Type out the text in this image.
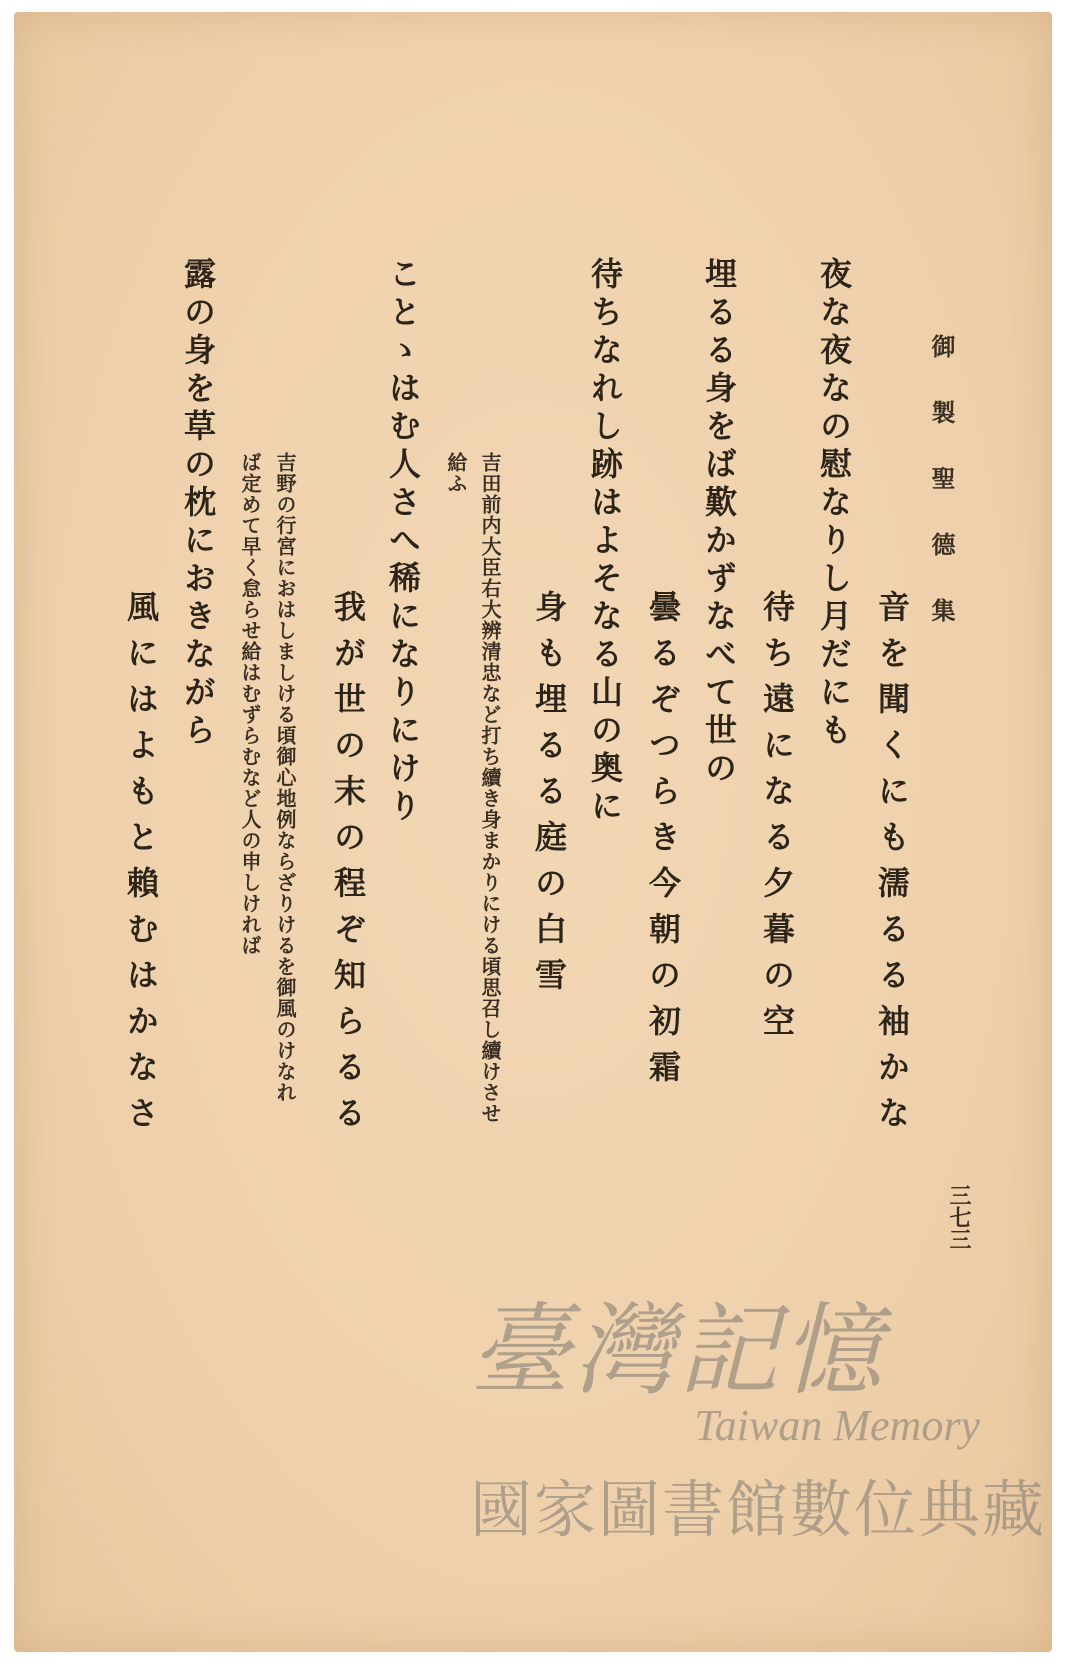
御製聖德集

音を聞くにも濡るる袖かな

夜な夜なの慰なりし月だにも

待ち遠になる夕暮の空

埋るる身をば歎かずなべて世の

曇るぞつらき今朝の初霜

待ちなれし跡はよそなる山の奥に

身も埋るる庭の白雪

吉田前内大臣右大辨清忠など打ち續き身まかりにける頃思召し續けさせ

給ふ

ことゝはむ人さへ稀になりにけり

我が世の末の程ぞ知らるる

吉野の行宮におはしましける頃御心地例ならざりけるを御風のけなれ

ば定めて早く怠らせ給はむずらむなど人の申しければ

露の身を草の枕におきながら

風にはよもと賴むはかなさ

三七三

臺灣記憶
Taiwan Memory
國家圖書館數位典藏
